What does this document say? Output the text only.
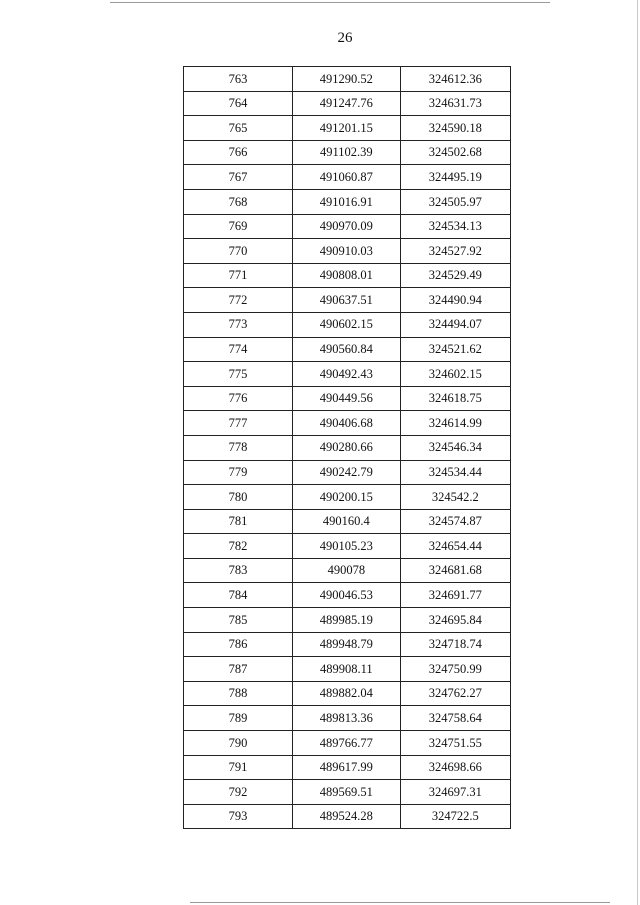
26
763	491290.52	324612.36
764	491247.76	324631.73
765	491201.15	324590.18
766	491102.39	324502.68
767	491060.87	324495.19
768	491016.91	324505.97
769	490970.09	324534.13
770	490910.03	324527.92
771	490808.01	324529.49
772	490637.51	324490.94
773	490602.15	324494.07
774	490560.84	324521.62
775	490492.43	324602.15
776	490449.56	324618.75
777	490406.68	324614.99
778	490280.66	324546.34
779	490242.79	324534.44
780	490200.15	324542.2
781	490160.4	324574.87
782	490105.23	324654.44
783	490078	324681.68
784	490046.53	324691.77
785	489985.19	324695.84
786	489948.79	324718.74
787	489908.11	324750.99
788	489882.04	324762.27
789	489813.36	324758.64
790	489766.77	324751.55
791	489617.99	324698.66
792	489569.51	324697.31
793	489524.28	324722.5
